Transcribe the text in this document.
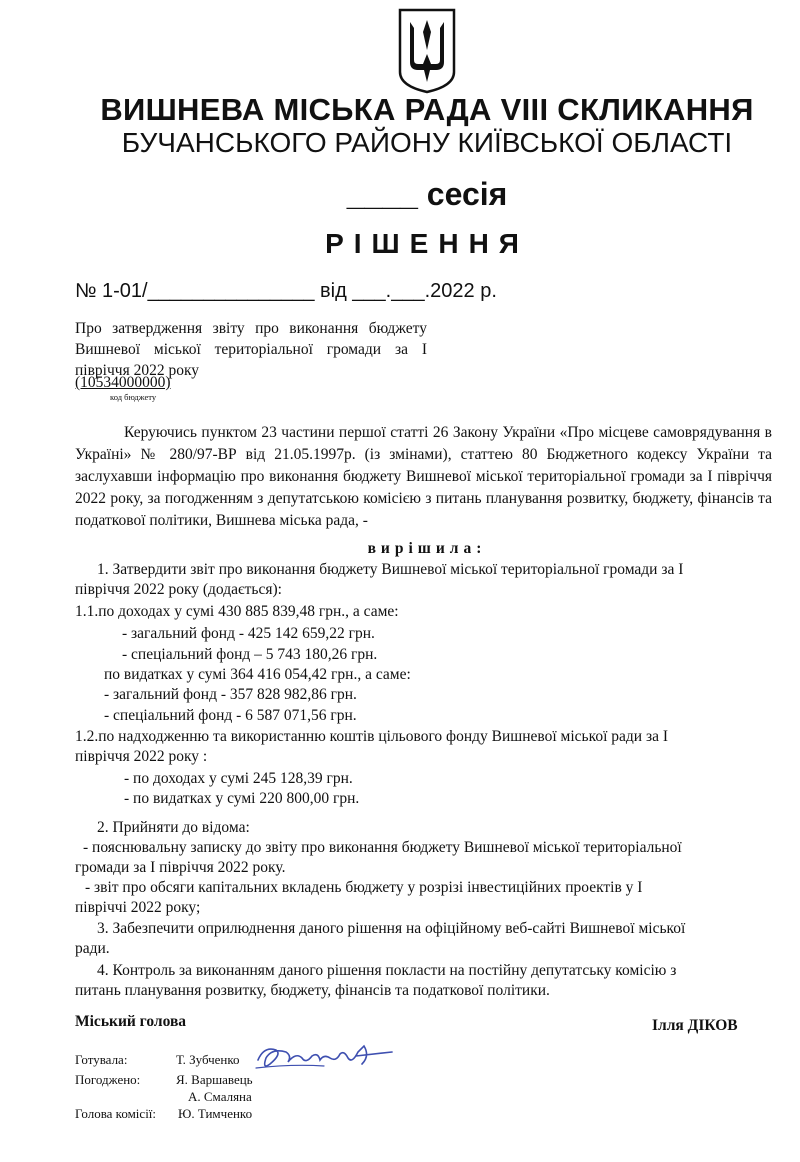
ВИШНЕВА МІСЬКА РАДА VIII СКЛИКАННЯ
БУЧАНСЬКОГО РАЙОНУ КИЇВСЬКОЇ ОБЛАСТІ
____ сесія
РІШЕННЯ
№ 1-01/_______________ від ___.___.2022 р.
Про затвердження звіту про виконання бюджету Вишневої міської територіальної громади за І півріччя 2022 року
(10534000000)
код бюджету
Керуючись пунктом 23 частини першої статті 26 Закону України «Про місцеве самоврядування в Україні» № 280/97-ВР від 21.05.1997р. (із змінами), статтею 80 Бюджетного кодексу України та заслухавши інформацію про виконання бюджету Вишневої міської територіальної громади за І півріччя 2022 року, за погодженням з депутатською комісією з питань планування розвитку, бюджету, фінансів та податкової політики, Вишнева міська рада, -
вирішила:
1. Затвердити звіт про виконання бюджету Вишневої міської територіальної громади за І
півріччя 2022 року (додається):
1.1.по доходах у сумі 430 885 839,48 грн., а саме:
- загальний фонд - 425 142 659,22 грн.
- спеціальний фонд – 5 743 180,26 грн.
по видатках у сумі 364 416 054,42 грн., а саме:
- загальний фонд - 357 828 982,86 грн.
- спеціальний фонд - 6 587 071,56 грн.
1.2.по надходженню та використанню коштів цільового фонду Вишневої міської ради за І
півріччя 2022 року :
- по доходах у сумі 245 128,39 грн.
- по видатках у сумі 220 800,00 грн.
2. Прийняти до відома:
- пояснювальну записку до звіту про виконання бюджету Вишневої міської територіальної
громади за І півріччя 2022 року.
- звіт про обсяги капітальних вкладень бюджету у розрізі інвестиційних проектів у І
півріччі 2022 року;
3. Забезпечити оприлюднення даного рішення на офіційному веб-сайті Вишневої міської
ради.
4. Контроль за виконанням даного рішення покласти на постійну депутатську комісію з
питань планування розвитку, бюджету, фінансів та податкової політики.
Міський голова	Ілля ДІКОВ
Готувала:	Т. Зубченко
Погоджено:	Я. Варшавець
А. Смаляна
Голова комісії: Ю. Тимченко
